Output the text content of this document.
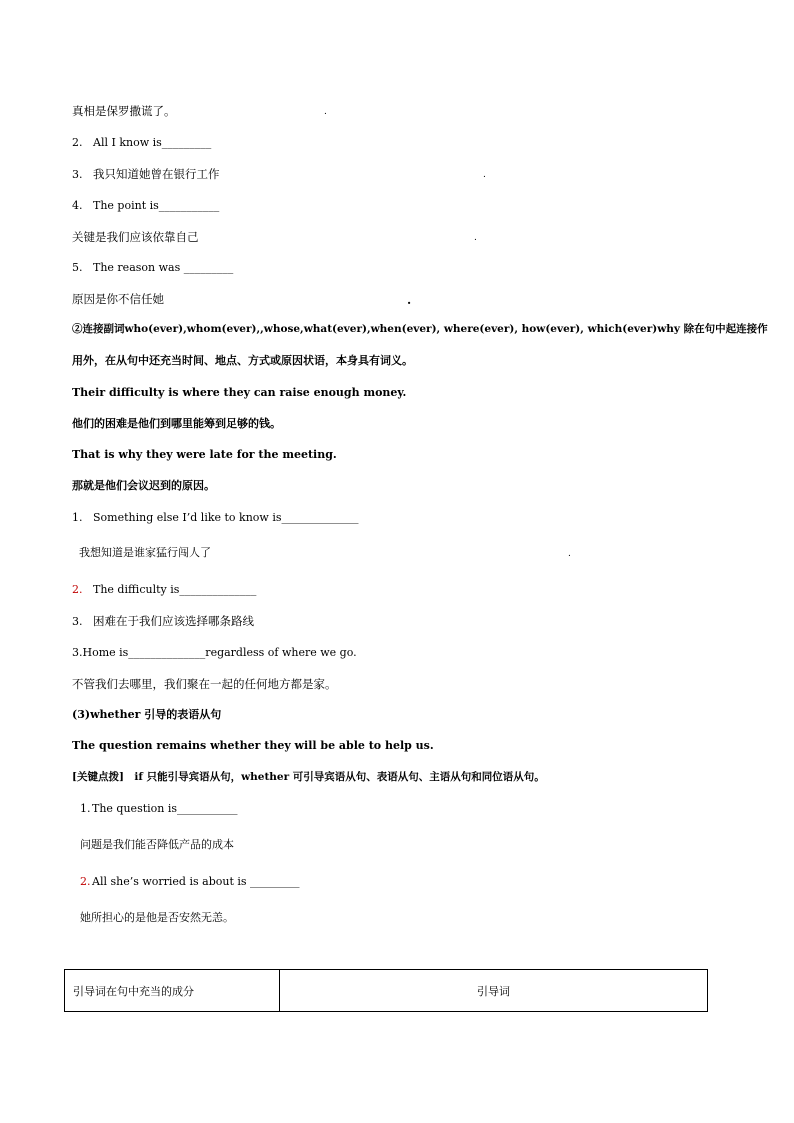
真相是保罗撒谎了。	.
2. All I know is_________
3. 我只知道她曾在银行工作	.
4. The point is___________
关键是我们应该依靠自己	.
5. The reason was _________
原因是你不信任她	.
②连接副词who(ever),whom(ever),,whose,what(ever),when(ever), where(ever), how(ever), which(ever)why 除在句中起连接作
用外，在从句中还充当时间、地点、方式或原因状语，本身具有词义。
Their difficulty is where they can raise enough money.
他们的困难是他们到哪里能筹到足够的钱。
That is why they were late for the meeting.
那就是他们会议迟到的原因。
1. Something else I’d like to know is______________
我想知道是谁家猛行闯人了	.
2. The difficulty is______________
3. 困难在于我们应该选择哪条路线
3.Home is______________regardless of where we go.
不管我们去哪里，我们聚在一起的任何地方都是家。
(3)whether 引导的表语从句
The question remains whether they will be able to help us.
[关键点拨]　if 只能引导宾语从句，whether 可引导宾语从句、表语从句、主语从句和同位语从句。
1. The question is___________
问题是我们能否降低产品的成本
2. All she’s worried is about is _________
她所担心的是他是否安然无恙。
引导词在句中充当的成分	引导词
